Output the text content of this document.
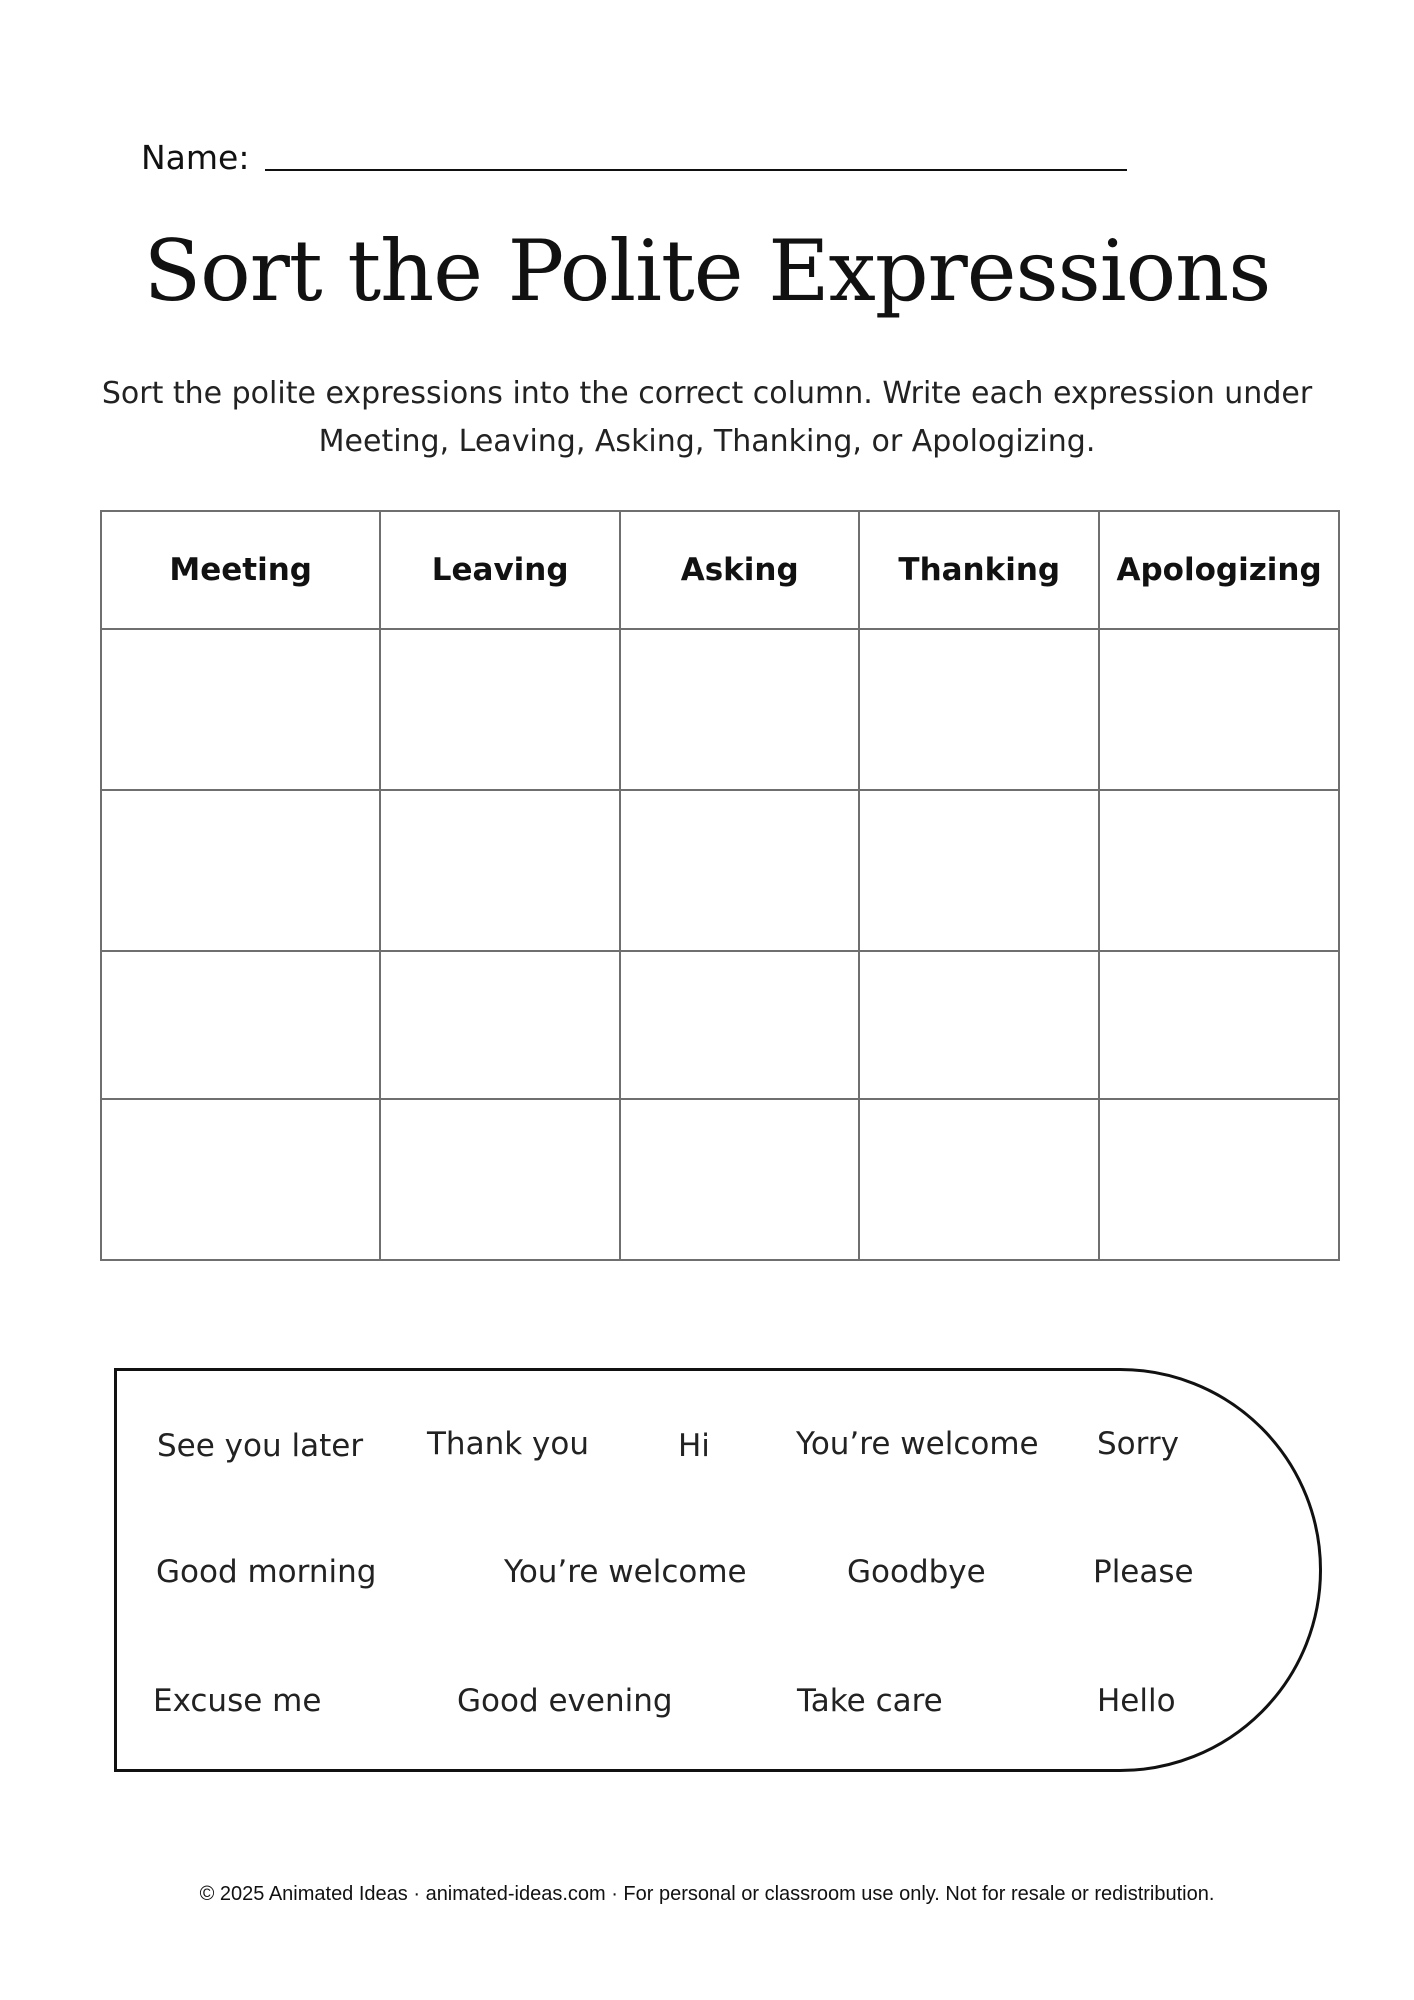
Name:
Sort the Polite Expressions
Sort the polite expressions into the correct column. Write each expression under
Meeting, Leaving, Asking, Thanking, or Apologizing.
Meeting	Leaving	Asking	Thanking	Apologizing

See you later Thank you	Hi	You’re welcome Sorry
Good morning	You’re welcome	Goodbye	Please
Excuse me	Good evening	Take care	Hello
© 2025 Animated Ideas · animated-ideas.com · For personal or classroom use only. Not for resale or redistribution.
